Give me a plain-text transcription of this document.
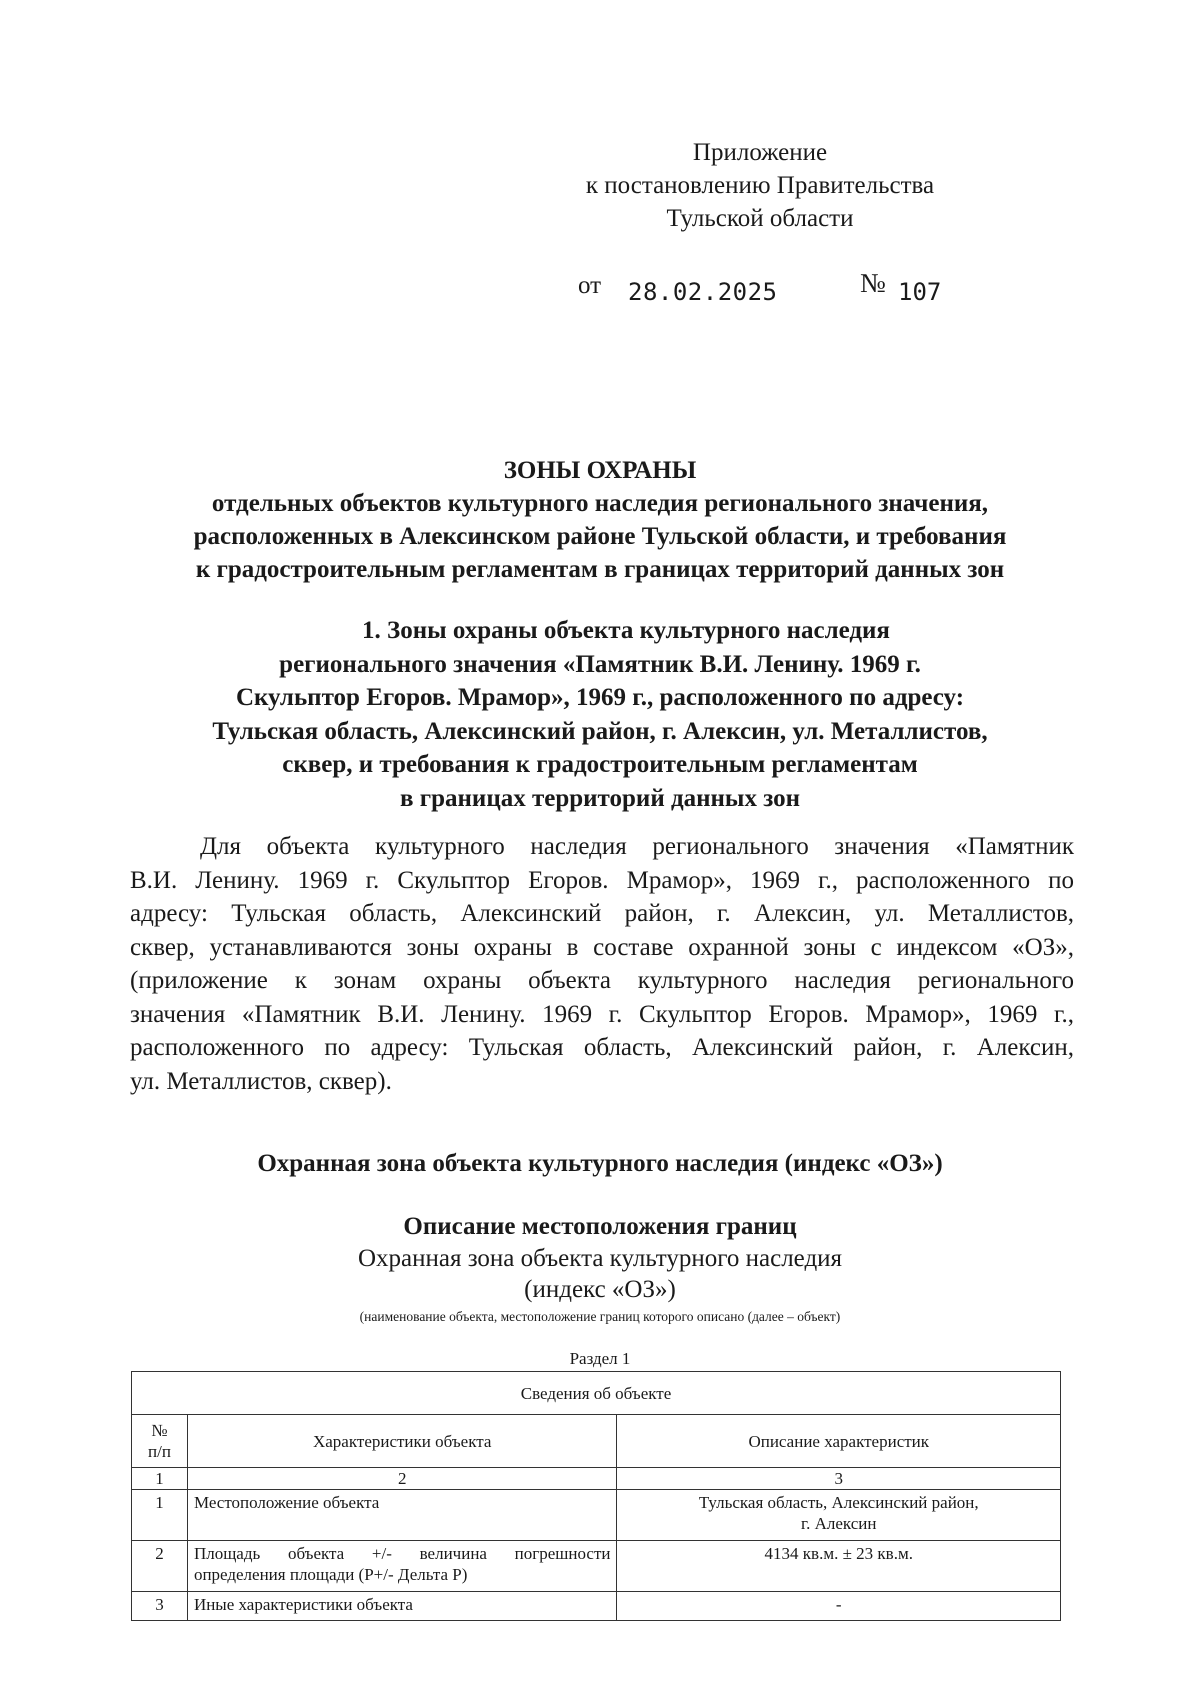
Приложение
к постановлению Правительства
Тульской области
от 28.02.2025	№ 107
ЗОНЫ ОХРАНЫ
отдельных объектов культурного наследия регионального значения,
расположенных в Алексинском районе Тульской области, и требования
к градостроительным регламентам в границах территорий данных зон
1. Зоны охраны объекта культурного наследия
регионального значения «Памятник В.И. Ленину. 1969 г.
Скульптор Егоров. Мрамор», 1969 г., расположенного по адресу:
Тульская область, Алексинский район, г. Алексин, ул. Металлистов,
сквер, и требования к градостроительным регламентам
в границах территорий данных зон
Для объекта культурного наследия регионального значения «Памятник
В.И. Ленину. 1969 г. Скульптор Егоров. Мрамор», 1969 г., расположенного по
адресу: Тульская область, Алексинский район, г. Алексин, ул. Металлистов,
сквер, устанавливаются зоны охраны в составе охранной зоны с индексом «ОЗ»,
(приложение к зонам охраны объекта культурного наследия регионального
значения «Памятник В.И. Ленину. 1969 г. Скульптор Егоров. Мрамор», 1969 г.,
расположенного по адресу: Тульская область, Алексинский район, г. Алексин,
ул. Металлистов, сквер).
Охранная зона объекта культурного наследия (индекс «ОЗ»)
Описание местоположения границ
Охранная зона объекта культурного наследия
(индекс «ОЗ»)
(наименование объекта, местоположение границ которого описано (далее – объект)
Раздел 1
Сведения об объекте		

№
п/п	Характеристики объекта	Описание характеристик
1	2	3
1	Местоположение объекта	Тульская область, Алексинский район,
г. Алексин

2	Площадь объекта +/- величина погрешности
определения площади (Р+/- Дельта Р)	4134 кв.м. ± 23 кв.м.
3	Иные характеристики объекта	-
